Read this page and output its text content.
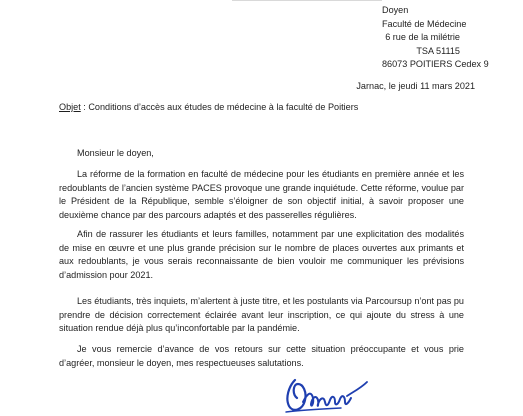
Doyen
Faculté de Médecine
6 rue de la milétrie
TSA 51115
86073 POITIERS Cedex 9
Jarnac, le jeudi 11 mars 2021
Objet : Conditions d’accès aux études de médecine à la faculté de Poitiers
Monsieur le doyen,
La réforme de la formation en faculté de médecine pour les étudiants en première année et les redoublants de l’ancien système PACES provoque une grande inquiétude. Cette réforme, voulue par le Président de la République, semble s’éloigner de son objectif initial, à savoir proposer une deuxième chance par des parcours adaptés et des passerelles régulières.
Afin de rassurer les étudiants et leurs familles, notamment par une explicitation des modalités de mise en œuvre et une plus grande précision sur le nombre de places ouvertes aux primants et aux redoublants, je vous serais reconnaissante de bien vouloir me communiquer les prévisions d’admission pour 2021.
Les étudiants, très inquiets, m’alertent à juste titre, et les postulants via Parcoursup n’ont pas pu prendre de décision correctement éclairée avant leur inscription, ce qui ajoute du stress à une situation rendue déjà plus qu’inconfortable par la pandémie.
Je vous remercie d’avance de vos retours sur cette situation préoccupante et vous prie d’agréer, monsieur le doyen, mes respectueuses salutations.
